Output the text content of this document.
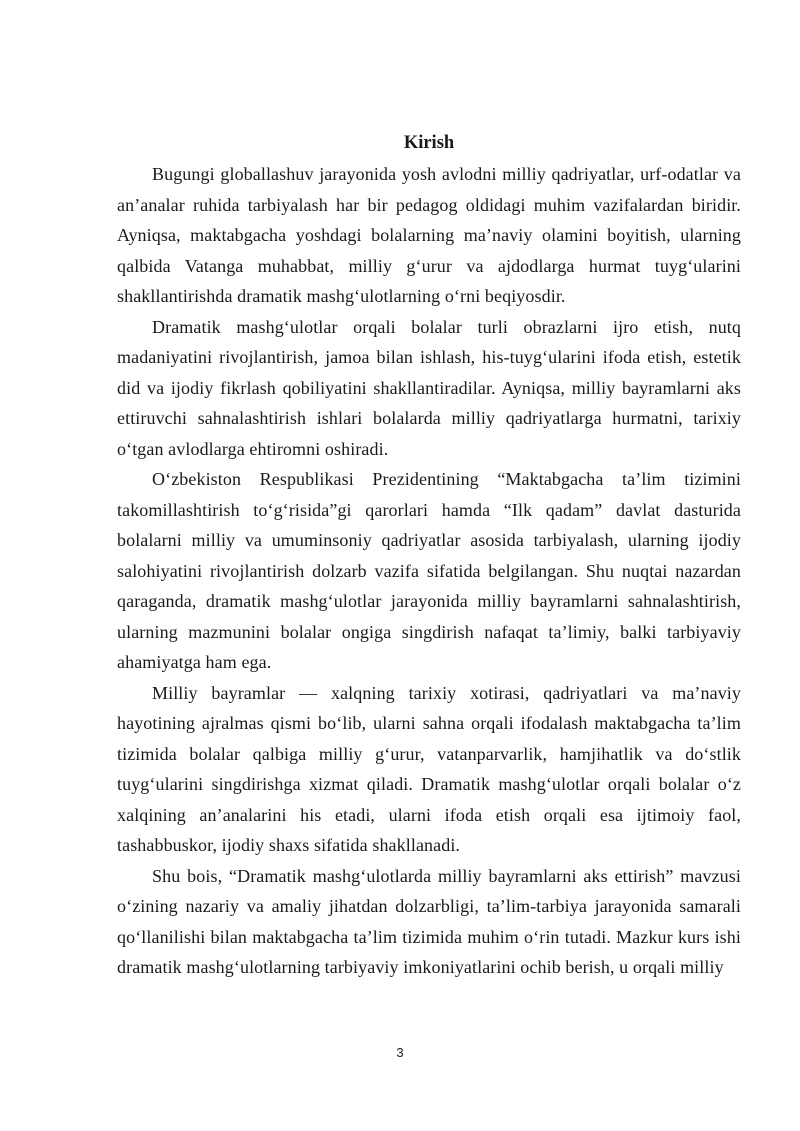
Kirish

Bugungi globallashuv jarayonida yosh avlodni milliy qadriyatlar, urf-odatlar va an’analar ruhida tarbiyalash har bir pedagog oldidagi muhim vazifalardan biridir. Ayniqsa, maktabgacha yoshdagi bolalarning ma’naviy olamini boyitish, ularning qalbida Vatanga muhabbat, milliy g‘urur va ajdodlarga hurmat tuyg‘ularini shakllantirishda dramatik mashg‘ulotlarning o‘rni beqiyosdir.

Dramatik mashg‘ulotlar orqali bolalar turli obrazlarni ijro etish, nutq madaniyatini rivojlantirish, jamoa bilan ishlash, his-tuyg‘ularini ifoda etish, estetik did va ijodiy fikrlash qobiliyatini shakllantiradilar. Ayniqsa, milliy bayramlarni aks ettiruvchi sahnalashtirish ishlari bolalarda milliy qadriyatlarga hurmatni, tarixiy o‘tgan avlodlarga ehtiromni oshiradi.

O‘zbekiston Respublikasi Prezidentining “Maktabgacha ta’lim tizimini takomillashtirish to‘g‘risida”gi qarorlari hamda “Ilk qadam” davlat dasturida bolalarni milliy va umuminsoniy qadriyatlar asosida tarbiyalash, ularning ijodiy salohiyatini rivojlantirish dolzarb vazifa sifatida belgilangan. Shu nuqtai nazardan qaraganda, dramatik mashg‘ulotlar jarayonida milliy bayramlarni sahnalashtirish, ularning mazmunini bolalar ongiga singdirish nafaqat ta’limiy, balki tarbiyaviy ahamiyatga ham ega.

Milliy bayramlar — xalqning tarixiy xotirasi, qadriyatlari va ma’naviy hayotining ajralmas qismi bo‘lib, ularni sahna orqali ifodalash maktabgacha ta’lim tizimida bolalar qalbiga milliy g‘urur, vatanparvarlik, hamjihatlik va do‘stlik tuyg‘ularini singdirishga xizmat qiladi. Dramatik mashg‘ulotlar orqali bolalar o‘z xalqining an’analarini his etadi, ularni ifoda etish orqali esa ijtimoiy faol, tashabbuskor, ijodiy shaxs sifatida shakllanadi.

Shu bois, “Dramatik mashg‘ulotlarda milliy bayramlarni aks ettirish” mavzusi o‘zining nazariy va amaliy jihatdan dolzarbligi, ta’lim-tarbiya jarayonida samarali qo‘llanilishi bilan maktabgacha ta’lim tizimida muhim o‘rin tutadi. Mazkur kurs ishi dramatik mashg‘ulotlarning tarbiyaviy imkoniyatlarini ochib berish, u orqali milliy

3
